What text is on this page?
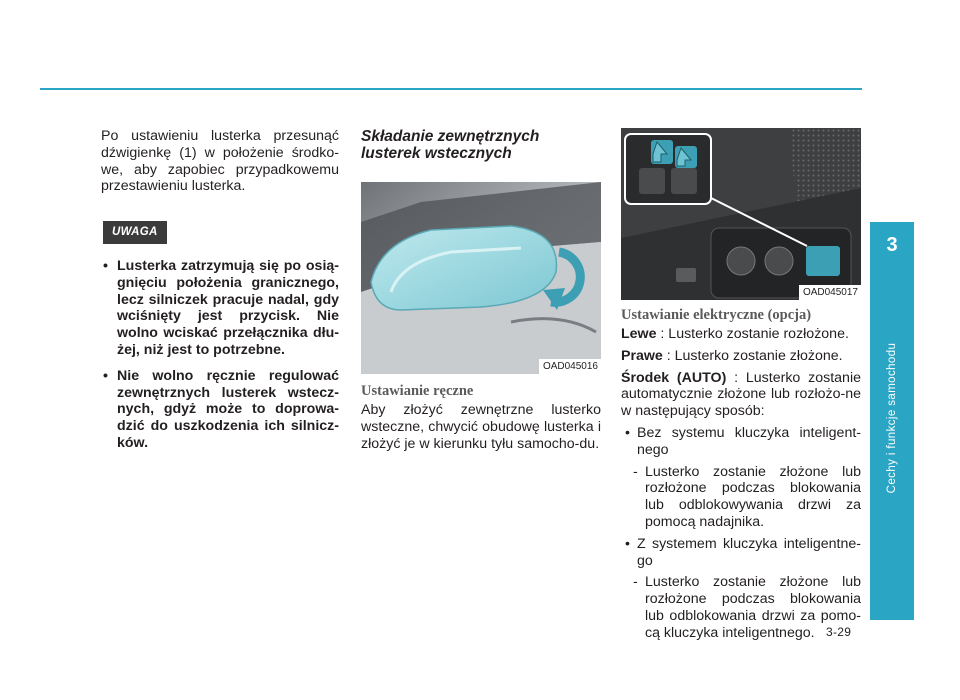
Po ustawieniu lusterka przesunąć dźwigienkę (1) w położenie środko-we, aby zapobiec przypadkowemu przestawieniu lusterka.

UWAGA
• Lusterka zatrzymują się po osią-gnięciu położenia granicznego, lecz silniczek pracuje nadal, gdy wciśnięty jest przycisk. Nie wolno wciskać przełącznika dłu-żej, niż jest to potrzebne.
• Nie wolno ręcznie regulować zewnętrznych lusterek wstecz-nych, gdyż może to doprowa-dzić do uszkodzenia ich silnicz-ków.
Składanie zewnętrznych lusterek wstecznych
OAD045016
Ustawianie ręczne

Aby złożyć zewnętrzne lusterko wsteczne, chwycić obudowę lusterka i złożyć je w kierunku tyłu samocho-du.

OAD045017
Ustawianie elektryczne (opcja)

Lewe : Lusterko zostanie rozłożone.

Prawe : Lusterko zostanie złożone.

Środek (AUTO) : Lusterko zostanie automatycznie złożone lub rozłożo-ne w następujący sposób:

• Bez systemu kluczyka inteligent-nego
- Lusterko zostanie złożone lub rozłożone podczas blokowania lub odblokowywania drzwi za pomocą nadajnika.
• Z systemem kluczyka inteligentne-go
- Lusterko zostanie złożone lub rozłożone podczas blokowania lub odblokowania drzwi za pomo-cą kluczyka inteligentnego.
3
Cechy i funkcje samochodu
3-29
